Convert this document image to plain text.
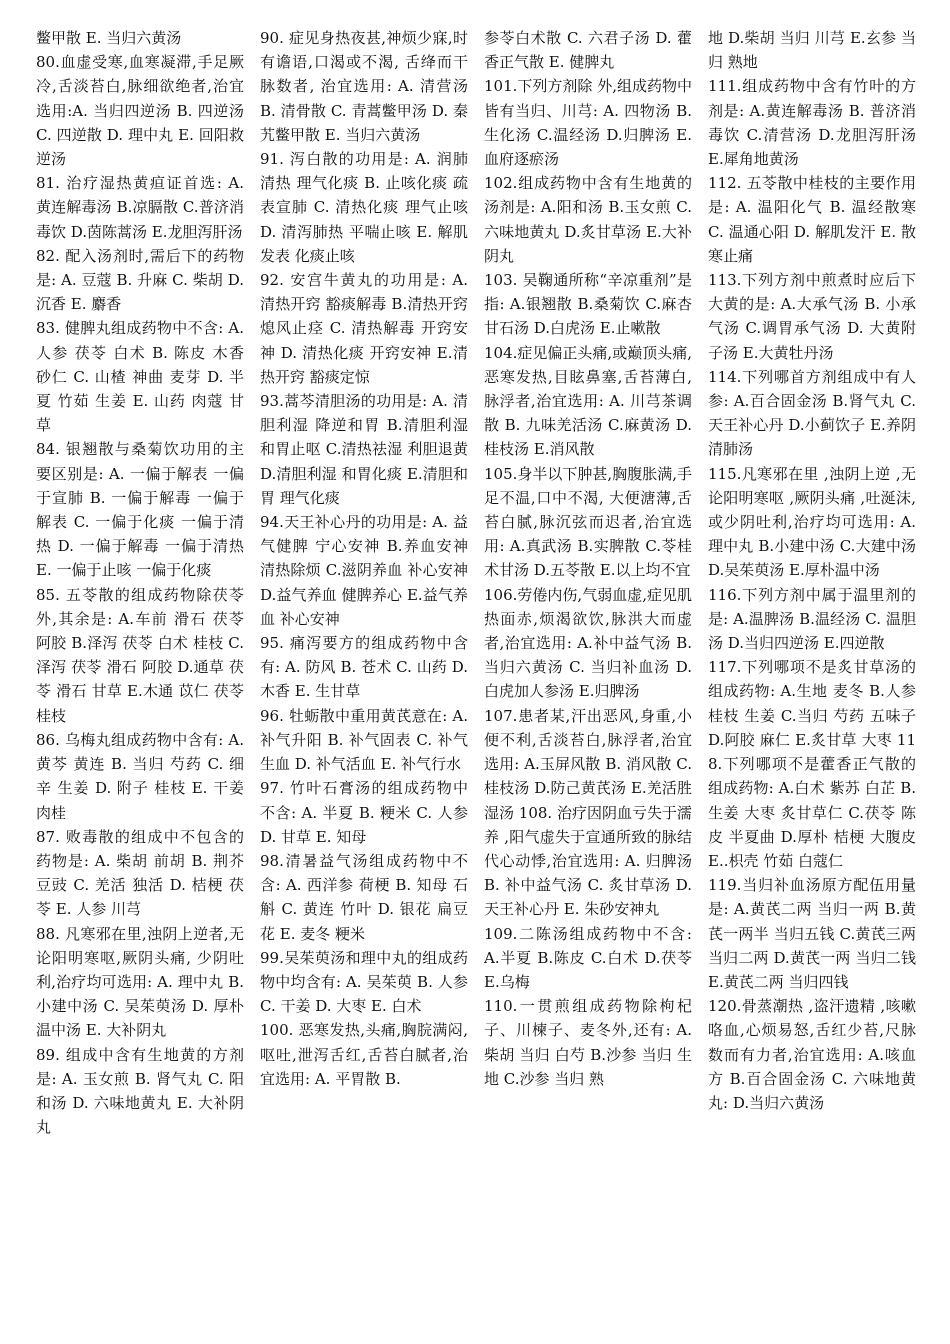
鳖甲散 E. 当归六黄汤

80.血虚受寒,血寒凝滞,手足厥冷,舌淡苔白,脉细欲绝者,治宜选用:A. 当归四逆汤 B. 四逆汤 C. 四逆散 D. 理中丸 E. 回阳救逆汤

81. 治疗湿热黄疸证首选: A. 黄连解毒汤 B.凉膈散 C.普济消毒饮 D.茵陈蒿汤 E.龙胆泻肝汤

82. 配入汤剂时,需后下的药物是: A. 豆蔻 B. 升麻 C. 柴胡 D. 沉香 E. 麝香

83. 健脾丸组成药物中不含: A. 人参 茯苓 白术 B. 陈皮 木香 砂仁 C. 山楂 神曲 麦芽 D. 半夏 竹茹 生姜 E. 山药 肉蔻 甘草

84. 银翘散与桑菊饮功用的主要区别是: A. 一偏于解表 一偏于宣肺 B. 一偏于解毒 一偏于解表 C. 一偏于化痰 一偏于清热 D. 一偏于解毒 一偏于清热 E. 一偏于止咳 一偏于化痰

85. 五苓散的组成药物除茯苓外,其余是: A.车前 滑石 茯苓 阿胶 B.泽泻 茯苓 白术 桂枝 C.泽泻 茯苓 滑石 阿胶 D.通草 茯苓 滑石 甘草 E.木通 苡仁 茯苓 桂枝

86. 乌梅丸组成药物中含有: A. 黄芩 黄连 B. 当归 芍药 C. 细辛 生姜 D. 附子 桂枝 E. 干姜 肉桂

87. 败毒散的组成中不包含的药物是: A. 柴胡 前胡 B. 荆芥 豆豉 C. 羌活 独活 D. 桔梗 茯苓 E. 人参 川芎

88. 凡寒邪在里,浊阴上逆者,无论阳明寒呕,厥阴头痛, 少阴吐利,治疗均可选用: A. 理中丸 B. 小建中汤 C. 吴茱萸汤 D. 厚朴温中汤 E. 大补阴丸

89. 组成中含有生地黄的方剂是: A. 玉女煎 B. 肾气丸 C. 阳和汤 D. 六味地黄丸 E. 大补阴丸

90. 症见身热夜甚,神烦少寐,时有谵语,口渴或不渴, 舌绛而干脉数者, 治宜选用: A. 清营汤 B. 清骨散 C. 青蒿鳖甲汤 D. 秦艽鳖甲散 E. 当归六黄汤

91. 泻白散的功用是: A. 润肺清热 理气化痰 B. 止咳化痰 疏表宣肺 C. 清热化痰 理气止咳 D. 清泻肺热 平喘止咳 E. 解肌发表 化痰止咳

92. 安宫牛黄丸的功用是: A. 清热开窍 豁痰解毒 B.清热开窍 熄风止痉 C. 清热解毒 开窍安神 D. 清热化痰 开窍安神 E.清热开窍 豁痰定惊

93.蒿芩清胆汤的功用是: A. 清胆利湿 降逆和胃 B.清胆利湿 和胃止呕 C.清热祛湿 利胆退黄 D.清胆利湿 和胃化痰 E.清胆和胃 理气化痰

94.天王补心丹的功用是: A. 益气健脾 宁心安神 B.养血安神 清热除烦 C.滋阴养血 补心安神 D.益气养血 健脾养心 E.益气养血 补心安神

95. 痛泻要方的组成药物中含有: A. 防风 B. 苍术 C. 山药 D. 木香 E. 生甘草

96. 牡蛎散中重用黄芪意在: A. 补气升阳 B. 补气固表 C. 补气生血 D. 补气活血 E. 补气行水

97. 竹叶石膏汤的组成药物中不含: A. 半夏 B. 粳米 C. 人参 D. 甘草 E. 知母

98.清暑益气汤组成药物中不含: A. 西洋参 荷梗 B. 知母 石斛 C. 黄连 竹叶 D. 银花 扁豆花 E. 麦冬 粳米

99.吴茱萸汤和理中丸的组成药物中均含有: A. 吴茱萸 B. 人参 C. 干姜 D. 大枣 E. 白术

100. 恶寒发热,头痛,胸脘满闷,呕吐,泄泻舌红,舌苔白腻者,治宜选用: A. 平胃散 B.

参苓白术散 C. 六君子汤 D. 藿香正气散 E. 健脾丸

101.下列方剂除 外,组成药物中皆有当归、川芎: A. 四物汤 B.生化汤 C.温经汤 D.归脾汤 E.血府逐瘀汤

102.组成药物中含有生地黄的汤剂是: A.阳和汤 B.玉女煎 C.六味地黄丸 D.炙甘草汤 E.大补阴丸

103. 吴鞠通所称“辛凉重剂”是指: A.银翘散 B.桑菊饮 C.麻杏甘石汤 D.白虎汤 E.止嗽散

104.症见偏正头痛,或巅顶头痛,恶寒发热,目眩鼻塞,舌苔薄白,脉浮者,治宜选用: A. 川芎茶调散 B. 九味羌活汤 C.麻黄汤 D.桂枝汤 E.消风散

105.身半以下肿甚,胸腹胀满,手足不温,口中不渴, 大便溏薄,舌苔白腻,脉沉弦而迟者,治宜选用: A.真武汤 B.实脾散 C.苓桂术甘汤 D.五苓散 E.以上均不宜

106.劳倦内伤,气弱血虚,症见肌热面赤,烦渴欲饮,脉洪大而虚者,治宜选用: A.补中益气汤 B.当归六黄汤 C. 当归补血汤 D.白虎加人参汤 E.归脾汤

107.患者某,汗出恶风,身重,小便不利,舌淡苔白,脉浮者,治宜选用: A.玉屏风散 B. 消风散 C.桂枝汤 D.防己黄芪汤 E.羌活胜湿汤 108. 治疗因阴血亏失于濡养 ,阳气虚失于宣通所致的脉结代心动悸,治宜选用: A. 归脾汤 B. 补中益气汤 C. 炙甘草汤 D. 天王补心丹 E. 朱砂安神丸

109.二陈汤组成药物中不含: A.半夏 B.陈皮 C.白术 D.茯苓 E.乌梅

110.一贯煎组成药物除枸杞子、川楝子、麦冬外,还有: A.柴胡 当归 白芍 B.沙参 当归 生地 C.沙参 当归 熟

地 D.柴胡 当归 川芎 E.玄参 当归 熟地

111.组成药物中含有竹叶的方剂是: A.黄连解毒汤 B. 普济消毒饮 C.清营汤 D.龙胆泻肝汤 E.犀角地黄汤

112. 五苓散中桂枝的主要作用是: A. 温阳化气 B. 温经散寒 C. 温通心阳 D. 解肌发汗 E. 散寒止痛

113.下列方剂中煎煮时应后下大黄的是: A.大承气汤 B. 小承气汤 C.调胃承气汤 D. 大黄附子汤 E.大黄牡丹汤

114.下列哪首方剂组成中有人参: A.百合固金汤 B.肾气丸 C.天王补心丹 D.小蓟饮子 E.养阴清肺汤

115.凡寒邪在里 ,浊阴上逆 ,无论阳明寒呕 ,厥阴头痛 ,吐涎沫,或少阴吐利,治疗均可选用: A.理中丸 B.小建中汤 C.大建中汤 D.吴茱萸汤 E.厚朴温中汤

116.下列方剂中属于温里剂的是: A.温脾汤 B.温经汤 C. 温胆汤 D.当归四逆汤 E.四逆散

117.下列哪项不是炙甘草汤的组成药物: A.生地 麦冬 B.人参 桂枝 生姜 C.当归 芍药 五味子 D.阿胶 麻仁 E.炙甘草 大枣 118.下列哪项不是藿香正气散的组成药物: A.白术 紫苏 白芷 B. 生姜 大枣 炙甘草仁 C.茯苓 陈皮 半夏曲 D.厚朴 桔梗 大腹皮 E..枳壳 竹茹 白蔻仁

119.当归补血汤原方配伍用量是: A.黄芪二两 当归一两 B.黄芪一两半 当归五钱 C.黄芪三两 当归二两 D.黄芪一两 当归二钱 E.黄芪二两 当归四钱

120.骨蒸潮热 ,盗汗遗精 ,咳嗽咯血,心烦易怒,舌红少苔,尺脉数而有力者,治宜选用: A.咳血方 B.百合固金汤 C. 六味地黄丸: D.当归六黄汤
